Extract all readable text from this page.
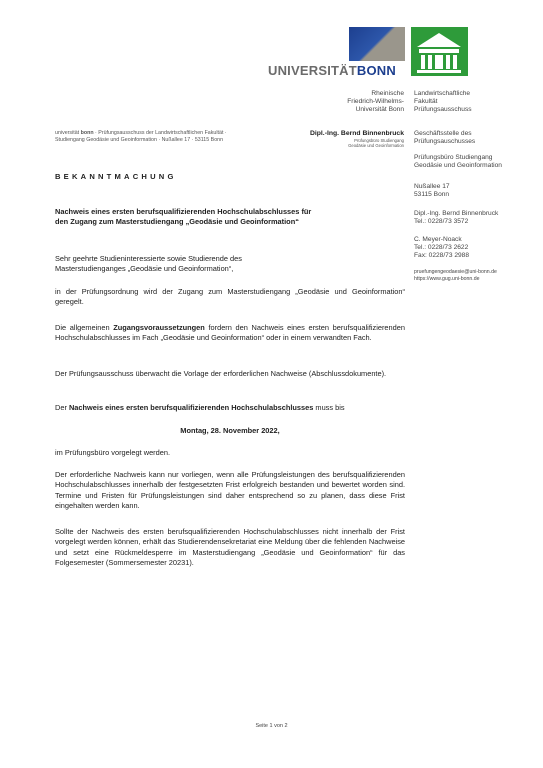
UNIVERSITÄTBONN
Rheinische
Friedrich-Wilhelms-
Universität Bonn
Landwirtschaftliche
Fakultät
Prüfungsausschuss
universität bonn · Prüfungsausschuss der Landwirtschaftlichen Fakultät ·
Studiengang Geodäsie und Geoinformation · Nußallee 17 · 53115 Bonn
Dipl.-Ing. Bernd Binnenbruck
Prüfungsbüro Studiengang
Geodäsie und Geoinformation
Geschäftsstelle des
Prüfungsauschusses
Prüfungsbüro Studiengang
Geodäsie und Geoinformation
Nußallee 17
53115 Bonn
Dipl.-Ing. Bernd Binnenbruck
Tel.: 0228/73 3572
C. Meyer-Noack
Tel.: 0228/73 2622
Fax: 0228/73 2988
pruefungengeodaesie@uni-bonn.de
https://www.gug.uni-bonn.de
BEKANNTMACHUNG
Nachweis eines ersten berufsqualifizierenden Hochschulabschlusses für
den Zugang zum Masterstudiengang „Geodäsie und Geoinformation“
Sehr geehrte Studieninteressierte sowie Studierende des
Masterstudienganges „Geodäsie und Geoinformation“,
in der Prüfungsordnung wird der Zugang zum Masterstudiengang „Geodäsie und Geoinformation“ geregelt.
Die allgemeinen Zugangsvoraussetzungen fordern den Nachweis eines ersten berufsqualifizierenden Hochschulabschlusses im Fach „Geodäsie und Geoinformation“ oder in einem verwandten Fach.
Der Prüfungsausschuss überwacht die Vorlage der erforderlichen Nachweise (Abschlussdokumente).
Der Nachweis eines ersten berufsqualifizierenden Hochschulabschlusses muss bis
Montag, 28. November 2022,
im Prüfungsbüro vorgelegt werden.
Der erforderliche Nachweis kann nur vorliegen, wenn alle Prüfungsleistungen des berufsqualifizierenden Hochschulabschlusses innerhalb der festgesetzten Frist erfolgreich bestanden und bewertet worden sind. Termine und Fristen für Prüfungsleistungen sind daher entsprechend so zu planen, dass diese Frist eingehalten werden kann.
Sollte der Nachweis des ersten berufsqualifizierenden Hochschulabschlusses nicht innerhalb der Frist vorgelegt werden können, erhält das Studierendensekretariat eine Meldung über die fehlenden Nachweise und setzt eine Rückmeldesperre im Masterstudiengang „Geodäsie und Geoinformation“ für das Folgesemester (Sommersemester 20231).
Seite 1 von 2
